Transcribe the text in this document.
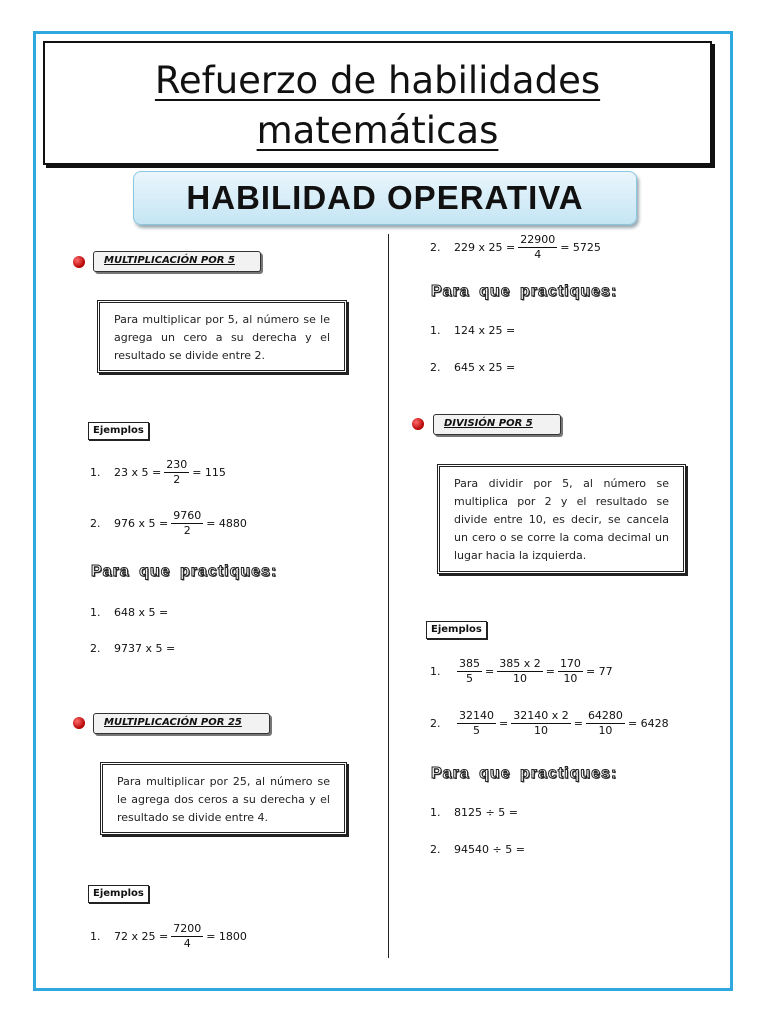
Refuerzo de habilidades
matemáticas
HABILIDAD OPERATIVA
MULTIPLICACIÓN POR 5
Para multiplicar por 5, al número se le agrega un cero a su derecha y el resultado se divide entre 2.
Ejemplos
1.	23 x $5 = \frac{230}{2} = 115$
2.	976 x $5 = \frac{9760}{2} = 4880$
Para que practiques:
1.	648 x 5 =
2.	9737 x 5 =
MULTIPLICACIÓN POR 25
Para multiplicar por 25, al número se le agrega dos ceros a su derecha y el resultado se divide entre 4.
Ejemplos
1.	72 x $25 = \frac{7200}{4} = 1800$
2.	229 x $25 = \frac{22900}{4} = 5725$
Para que practiques:
1.	124 x 25 =
2.	645 x 25 =
DIVISIÓN POR 5
Para dividir por 5, al número se multiplica por 2 y el resultado se divide entre 10, es decir, se cancela un cero o se corre la coma decimal un lugar hacia la izquierda.
Ejemplos
1.	$\frac{385}{5} = \frac{385 x 2}{10} = \frac{170}{10} = 77$
2.	$\frac{32140}{5} = \frac{32140 x 2}{10} = \frac{64280}{10} = 6428$
Para que practiques:
1.	8125 ÷ 5 =
2.	94540 ÷ 5 =
